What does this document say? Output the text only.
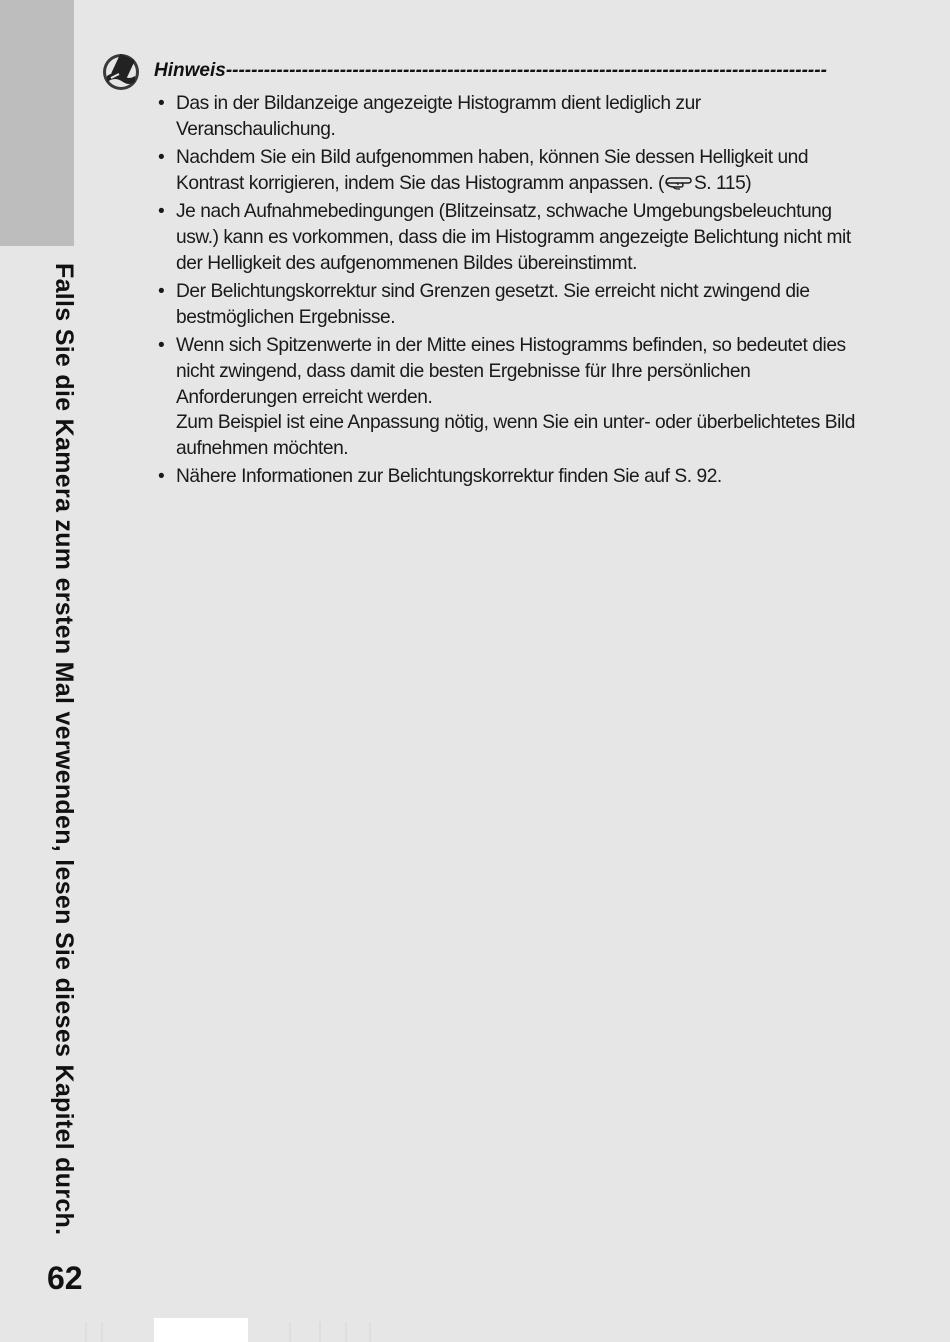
Falls Sie die Kamera zum ersten Mal verwenden, lesen Sie dieses Kapitel durch.
62
Hinweis-----------------------------------------------------------------------------------------------
• Das in der Bildanzeige angezeigte Histogramm dient lediglich zur Veranschaulichung.

• Nachdem Sie ein Bild aufgenommen haben, können Sie dessen Helligkeit und Kontrast korrigieren, indem Sie das Histogramm anpassen. ( S. 115)

• Je nach Aufnahmebedingungen (Blitzeinsatz, schwache Umgebungsbeleuchtung usw.) kann es vorkommen, dass die im Histogramm angezeigte Belichtung nicht mit der Helligkeit des aufgenommenen Bildes übereinstimmt.

• Der Belichtungskorrektur sind Grenzen gesetzt. Sie erreicht nicht zwingend die bestmöglichen Ergebnisse.

• Wenn sich Spitzenwerte in der Mitte eines Histogramms befinden, so bedeutet dies nicht zwingend, dass damit die besten Ergebnisse für Ihre persönlichen Anforderungen erreicht werden.

Zum Beispiel ist eine Anpassung nötig, wenn Sie ein unter- oder überbelichtetes Bild aufnehmen möchten.

• Nähere Informationen zur Belichtungskorrektur finden Sie auf S. 92.
